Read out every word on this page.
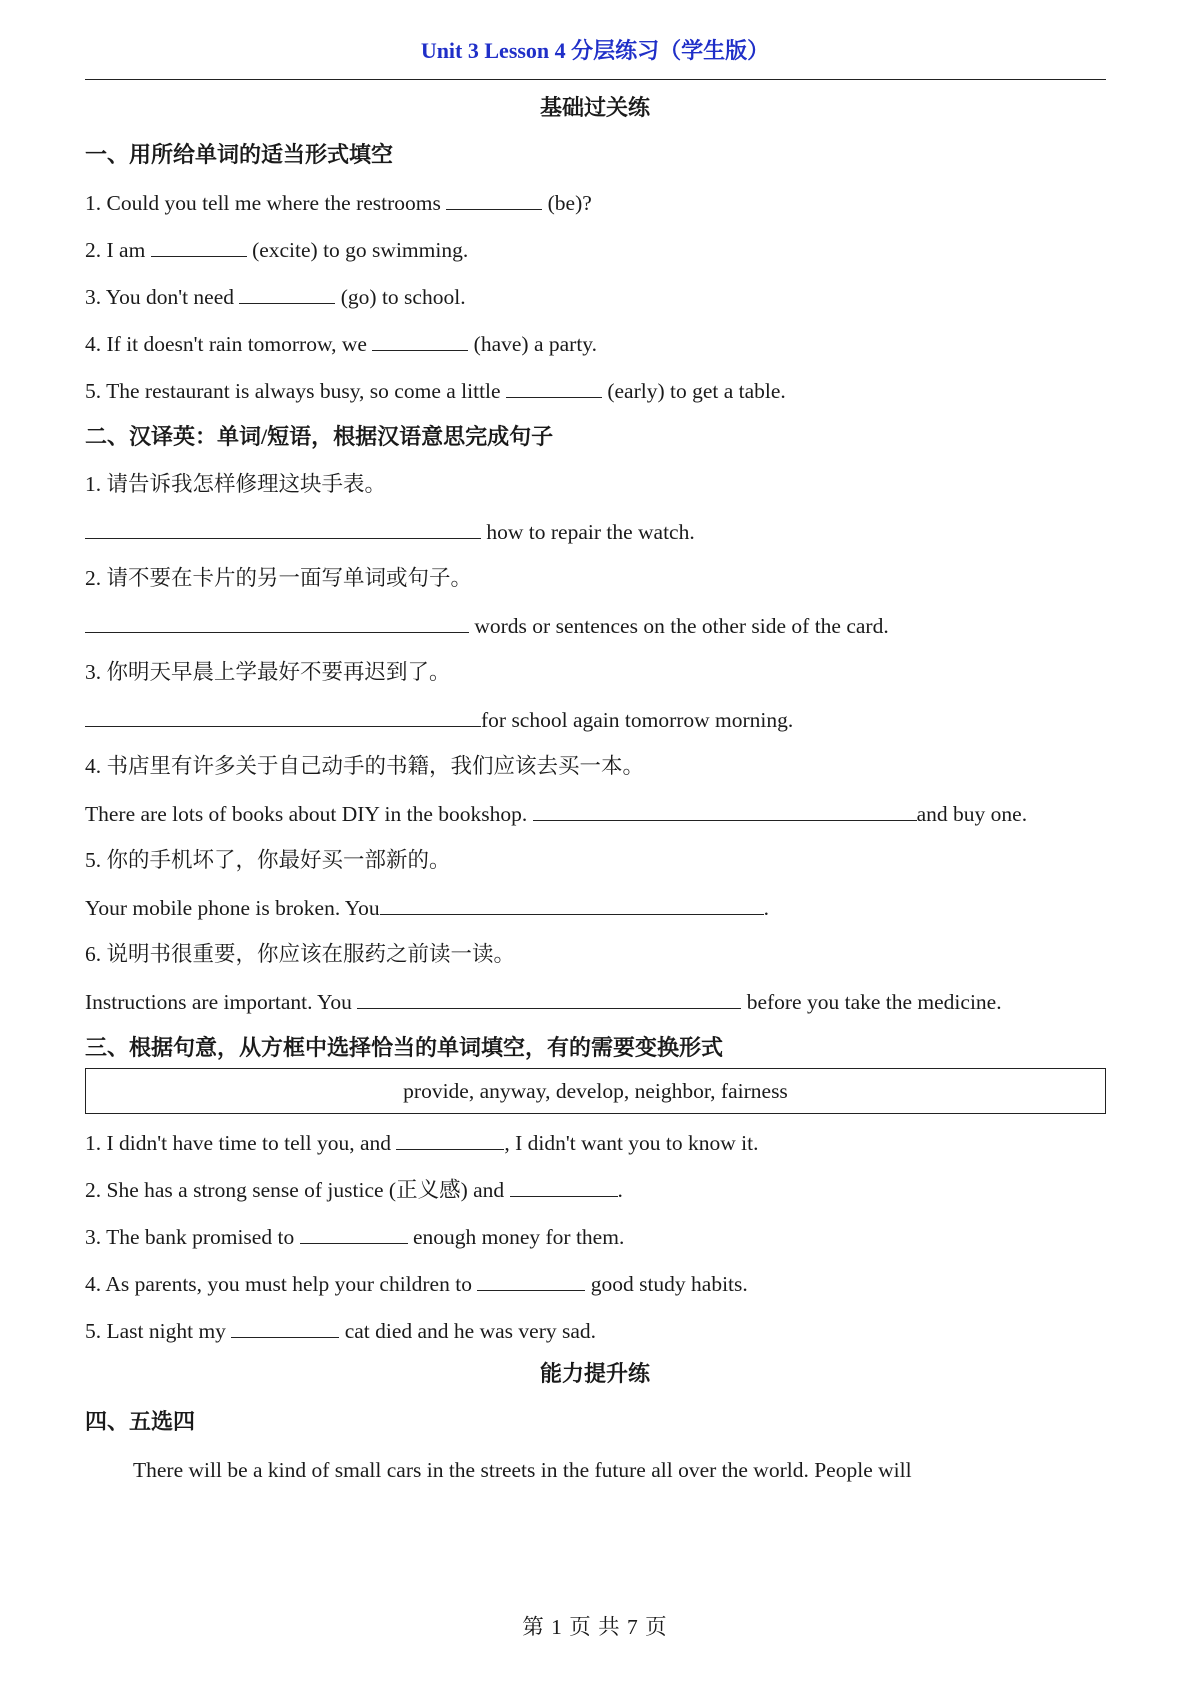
Unit 3 Lesson 4 分层练习（学生版）
基础过关练
一、用所给单词的适当形式填空
1. Could you tell me where the restrooms	(be)?
2. I am	(excite) to go swimming.
3. You don't need	(go) to school.
4. If it doesn't rain tomorrow, we	(have) a party.
5. The restaurant is always busy, so come a little	(early) to get a table.
二、汉译英：单词/短语，根据汉语意思完成句子
1. 请告诉我怎样修理这块手表。
how to repair the watch.
2. 请不要在卡片的另一面写单词或句子。
words or sentences on the other side of the card.
3. 你明天早晨上学最好不要再迟到了。
for school again tomorrow morning.
4. 书店里有许多关于自己动手的书籍，我们应该去买一本。
There are lots of books about DIY in the bookshop.	and buy one.
5. 你的手机坏了，你最好买一部新的。
Your mobile phone is broken. You	.
6. 说明书很重要，你应该在服药之前读一读。
Instructions are important. You	before you take the medicine.
三、根据句意，从方框中选择恰当的单词填空，有的需要变换形式
provide, anyway, develop, neighbor, fairness
1. I didn't have time to tell you, and	, I didn't want you to know it.
2. She has a strong sense of justice (正义感) and	.
3. The bank promised to	enough money for them.
4. As parents, you must help your children to	good study habits.
5. Last night my	cat died and he was very sad.
能力提升练
四、五选四
There will be a kind of small cars in the streets in the future all over the world. People will
第 1 页 共 7 页
